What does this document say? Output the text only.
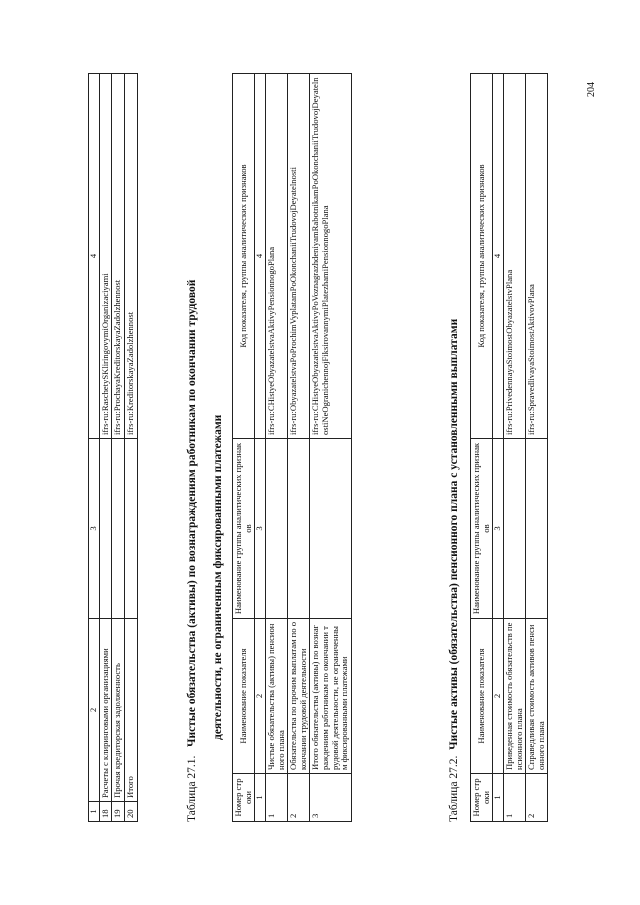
1	2	3	4
18	Расчеты с клиринговыми организациями		ifrs-ru:RaschetySKliringovymiOrganizaciyami
19	Прочая кредиторская задолженность		ifrs-ru:ProchayaKreditorskayaZadolzhennost
20	Итого		ifrs-ru:KreditorskayaZadolzhennost
Таблица 27.1.   Чистые обязательства (активы) по вознаграждениям работникам по окончании трудовой деятельности, не ограниченным фиксированными платежами
Номер строки	Наименование показателя	Наименование группы аналитических признаков	Код показателя, группы аналитических признаков
1	2	3	4
1	Чистые обязательства (активы) пенсионного плана		ifrs-ru:CHistyeObyazatelstvaAktivyPensionnogoPlana
2	Обязательства по прочим выплатам по окончании трудовой деятельности		ifrs-ru:ObyazatelstvaPoProchimVyplatamPoOkonchaniiTrudovojDeyatelnosti
3	Итого обязательства (активы) по вознаграждениям работникам по окончании трудовой деятельности, не ограниченным фиксированными платежами		ifrs-ru:CHistyeObyazatelstvaAktivyPoVoznagrazhdeniyamRabotnikamPoOkonchaniiTrudovojDeyatelnostiNeOgranichennojFiksirovannymiPlatezhamiPensionnogoPlana
Таблица 27.2.  Чистые активы (обязательства) пенсионного плана с установленными выплатами
Номер строки	Наименование показателя	Наименование группы аналитических признаков	Код показателя, группы аналитических признаков
1	2	3	4
1	Приведенная стоимость обязательств пенсионного плана		ifrs-ru:PrivedennayaStoimostObyazatelstvPlana
2	Справедливая стоимость активов пенсионного плана		ifrs-ru:SpravedlivayaStoimostAktivovPlana
204
